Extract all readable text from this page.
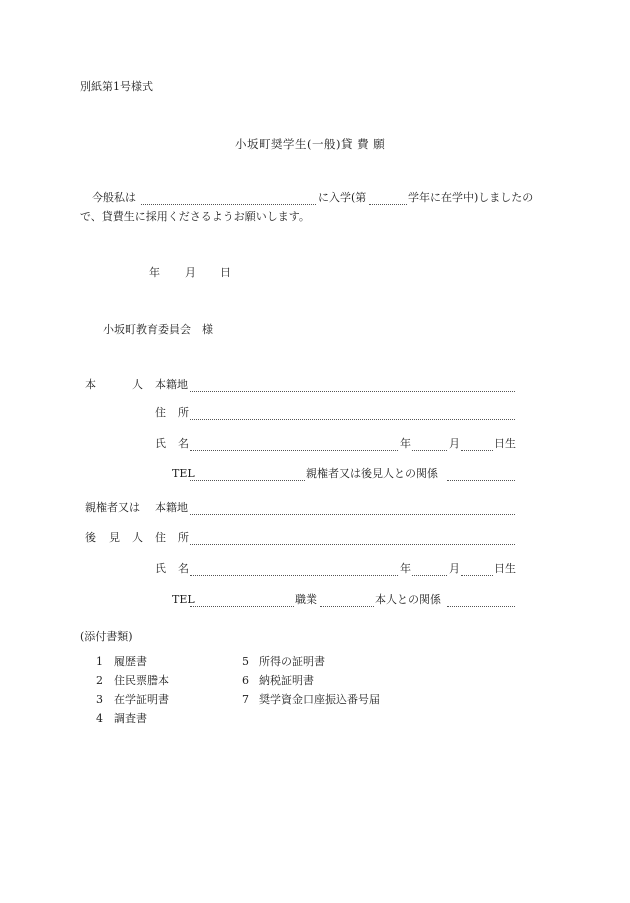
別紙第1号様式
小坂町奨学生(一般)貸 費 願
今般私は	に入学(第	学年に在学中)しましたの
で、貸費生に採用くださるようお願いします。
年 月 日
小坂町教育委員会　様
本	人 本籍地
住 所
氏 名	年	月	日生
TEL	親権者又は後見人との関係
親権者又は 本籍地
後 見 人 住 所
氏 名	年	月	日生
TEL	職業	本人との関係
(添付書類)
1 履歴書
2 住民票謄本
3 在学証明書
4 調査書
5 所得の証明書
6 納税証明書
7 奨学資金口座振込番号届
